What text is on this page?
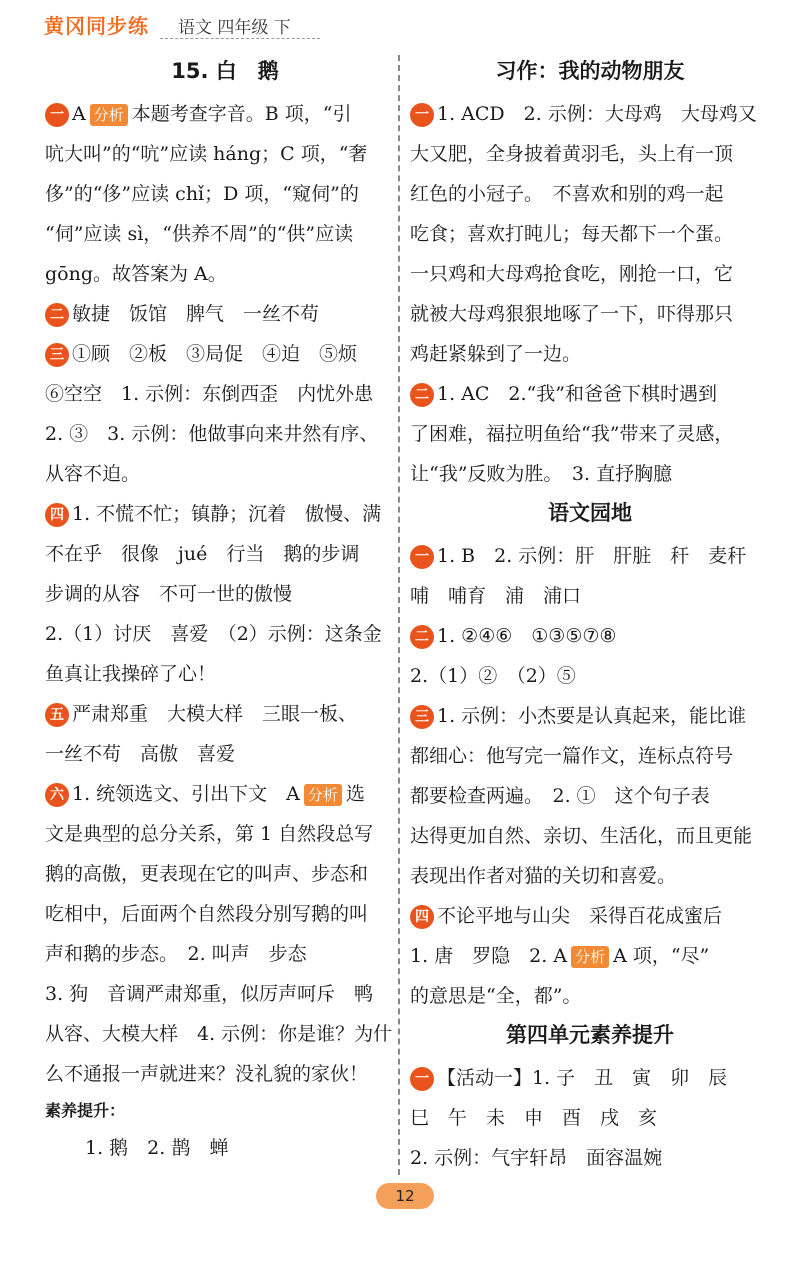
黄冈同步练 语文 四年级 下
15. 白　鹅
一 A 分析 本题考查字音。B 项，“引
吭大叫”的“吭”应读 háng；C 项，“奢
侈”的“侈”应读 chǐ；D 项，“窥伺”的
“伺”应读 sì，“供养不周”的“供”应读
gōng。故答案为 A。
二 敏捷　饭馆　脾气　一丝不苟
三 ①顾　②板　③局促　④迫　⑤烦
⑥空空　1. 示例：东倒西歪　内忧外患
2. ③　3. 示例：他做事向来井然有序、
从容不迫。
四 1. 不慌不忙；镇静；沉着　傲慢、满
不在乎　很像　jué　行当　鹅的步调
步调的从容　不可一世的傲慢
2.（1）讨厌　喜爱　（2）示例：这条金
鱼真让我操碎了心！
五 严肃郑重　大模大样　三眼一板、
一丝不苟　高傲　喜爱
六 1. 统领选文、引出下文　A 分析 选
文是典型的总分关系，第 1 自然段总写
鹅的高傲，更表现在它的叫声、步态和
吃相中，后面两个自然段分别写鹅的叫
声和鹅的步态。　2. 叫声　步态
3. 狗　音调严肃郑重，似厉声呵斥　鸭
从容、大模大样　4. 示例：你是谁？为什
么不通报一声就进来？没礼貌的家伙！
素养提升：
1. 鹅　2. 鹊　蝉
习作：我的动物朋友
一 1. ACD　2. 示例：大母鸡　大母鸡又
大又肥，全身披着黄羽毛，头上有一顶
红色的小冠子。　不喜欢和别的鸡一起
吃食；喜欢打盹儿；每天都下一个蛋。
一只鸡和大母鸡抢食吃，刚抢一口，它
就被大母鸡狠狠地啄了一下，吓得那只
鸡赶紧躲到了一边。
二 1. AC　2.“我”和爸爸下棋时遇到
了困难，福拉明鱼给“我”带来了灵感，
让“我”反败为胜。　3. 直抒胸臆
语文园地
一 1. B　2. 示例：肝　肝脏　秆　麦秆
哺　哺育　浦　浦口
二 1. ②④⑥　①③⑤⑦⑧
2.（1）②　（2）⑤
三 1. 示例：小杰要是认真起来，能比谁
都细心：他写完一篇作文，连标点符号
都要检查两遍。　2. ①　这个句子表
达得更加自然、亲切、生活化，而且更能
表现出作者对猫的关切和喜爱。
四 不论平地与山尖　采得百花成蜜后
1. 唐　罗隐　2. A 分析 A 项，“尽”
的意思是“全，都”。
第四单元素养提升
一 【活动一】1. 子　丑　寅　卯　辰
巳　午　未　申　酉　戌　亥
2. 示例：气宇轩昂　面容温婉
12
